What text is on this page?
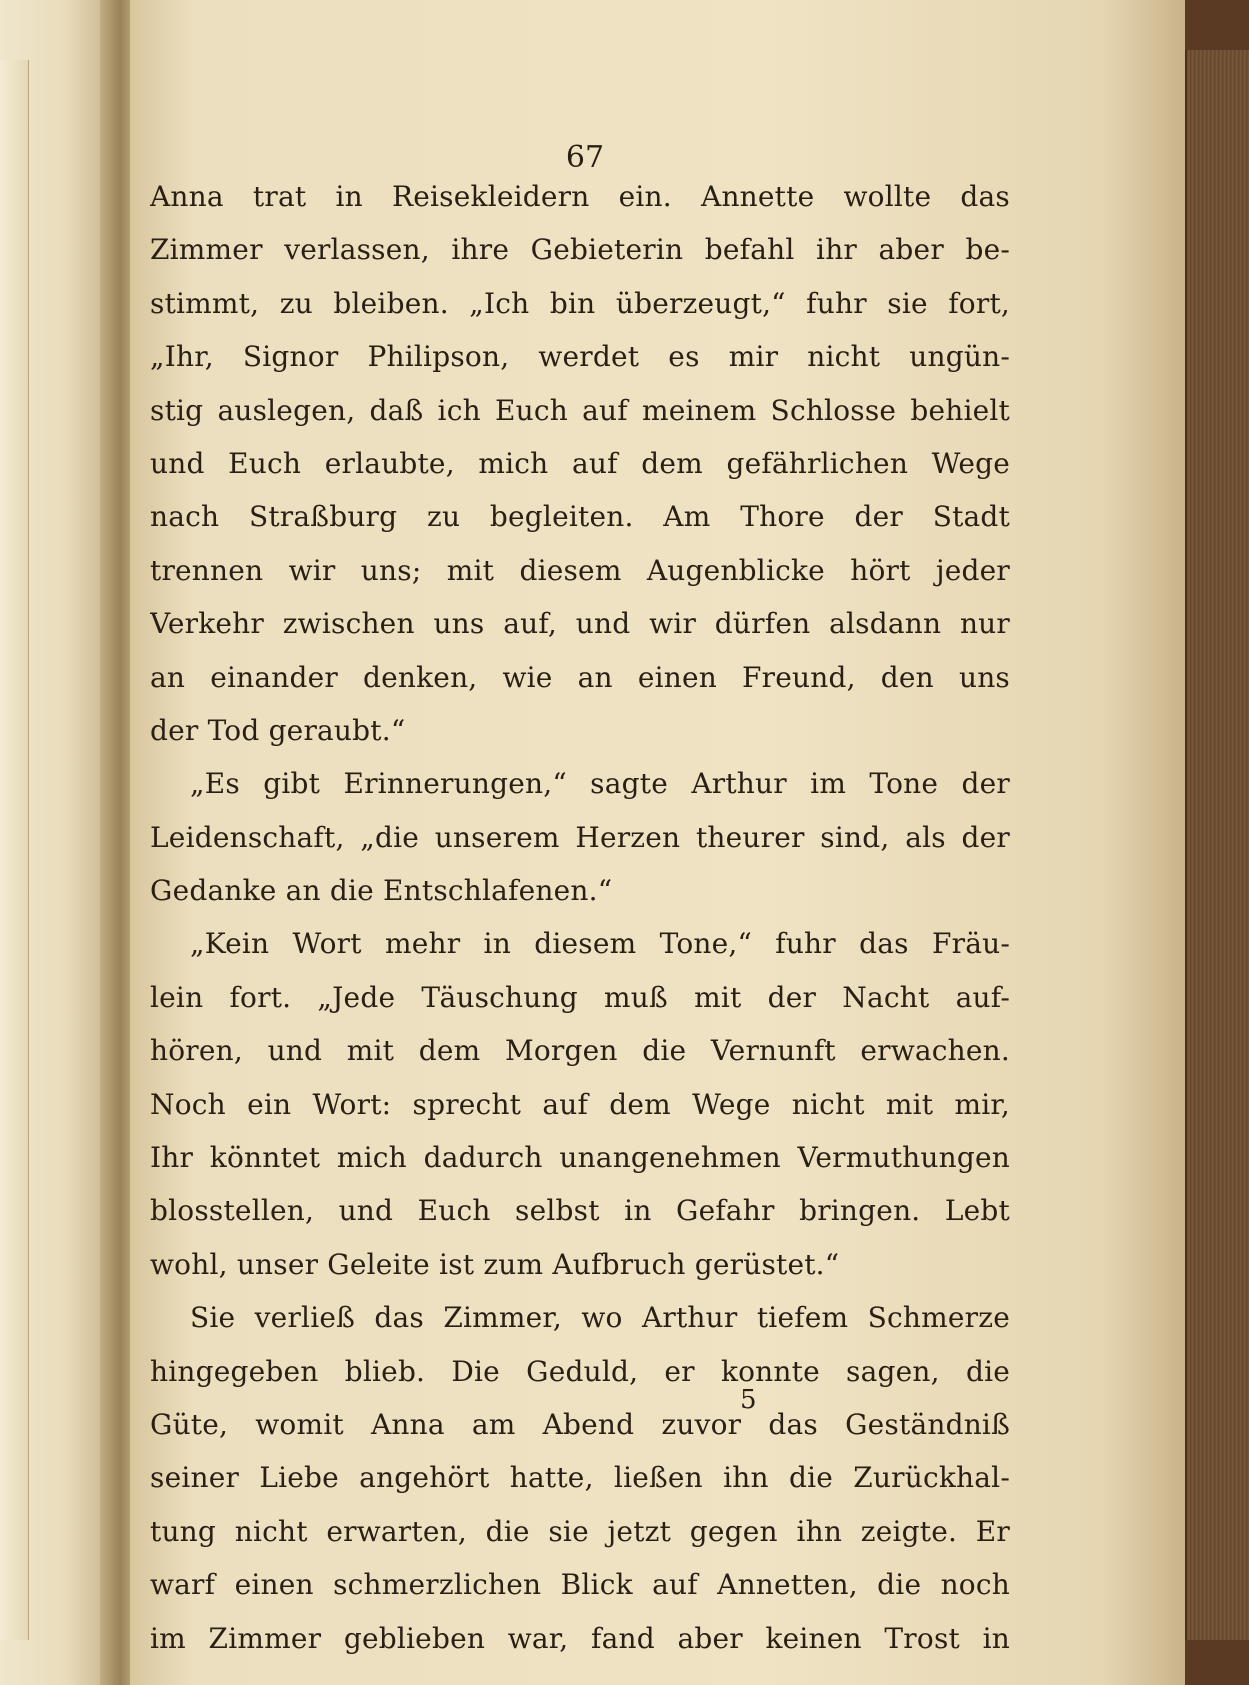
67
Anna trat in Reisekleidern ein. Annette wollte das
Zimmer verlassen, ihre Gebieterin befahl ihr aber be-
stimmt, zu bleiben. „Ich bin überzeugt,“ fuhr sie fort,
„Ihr, Signor Philipson, werdet es mir nicht ungün-
stig auslegen, daß ich Euch auf meinem Schlosse behielt
und Euch erlaubte, mich auf dem gefährlichen Wege
nach Straßburg zu begleiten. Am Thore der Stadt
trennen wir uns; mit diesem Augenblicke hört jeder
Verkehr zwischen uns auf, und wir dürfen alsdann nur
an einander denken, wie an einen Freund, den uns
der Tod geraubt.“
„Es gibt Erinnerungen,“ sagte Arthur im Tone der
Leidenschaft, „die unserem Herzen theurer sind, als der
Gedanke an die Entschlafenen.“
„Kein Wort mehr in diesem Tone,“ fuhr das Fräu-
lein fort. „Jede Täuschung muß mit der Nacht auf-
hören, und mit dem Morgen die Vernunft erwachen.
Noch ein Wort: sprecht auf dem Wege nicht mit mir,
Ihr könntet mich dadurch unangenehmen Vermuthungen
blosstellen, und Euch selbst in Gefahr bringen. Lebt
wohl, unser Geleite ist zum Aufbruch gerüstet.“
Sie verließ das Zimmer, wo Arthur tiefem Schmerze
hingegeben blieb. Die Geduld, er konnte sagen, die
Güte, womit Anna am Abend zuvor das Geständniß
seiner Liebe angehört hatte, ließen ihn die Zurückhal-
tung nicht erwarten, die sie jetzt gegen ihn zeigte. Er
warf einen schmerzlichen Blick auf Annetten, die noch
im Zimmer geblieben war, fand aber keinen Trost in
5
